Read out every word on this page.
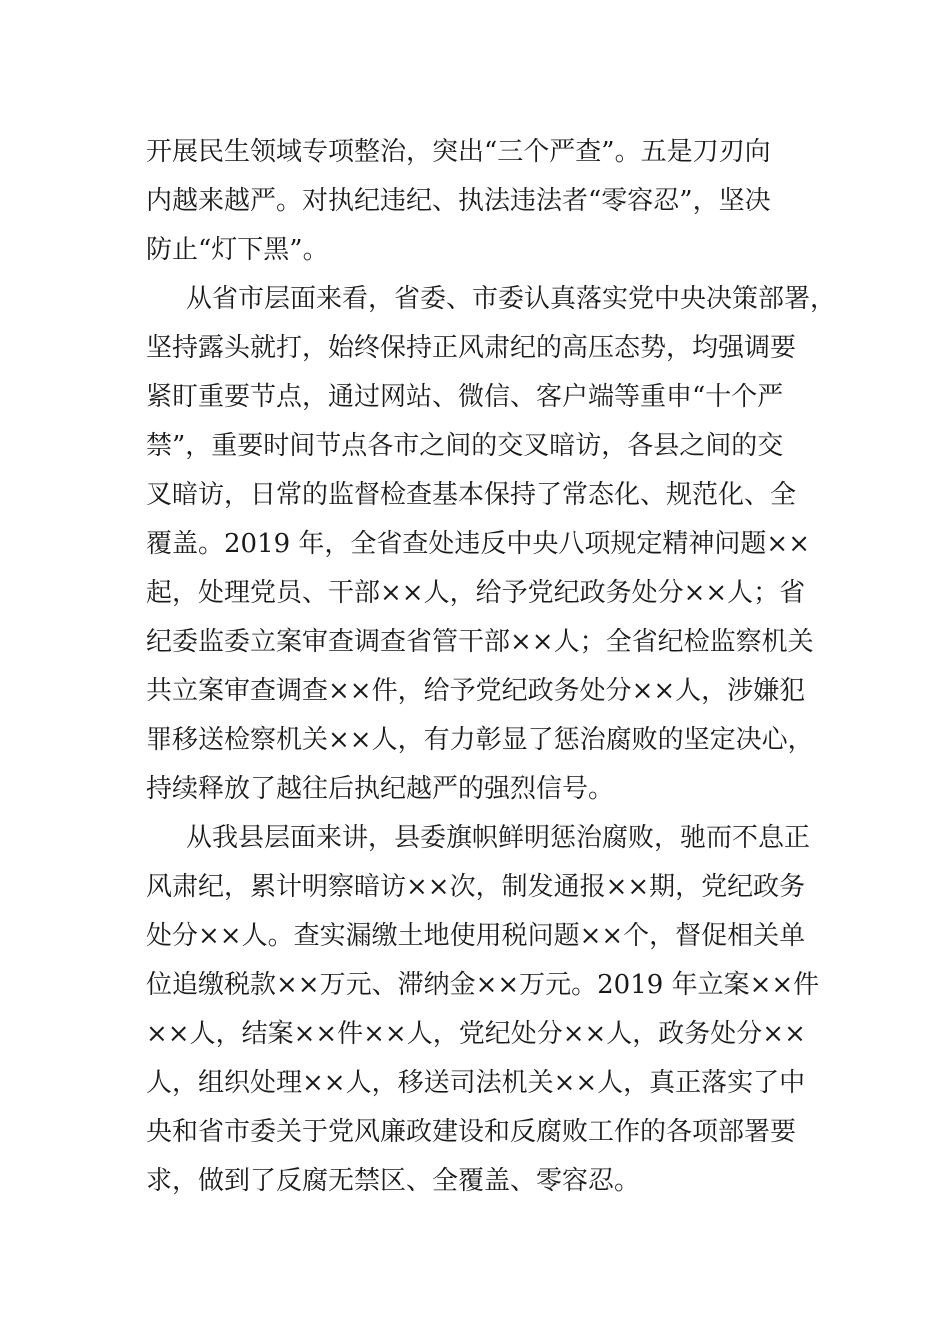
开展民生领域专项整治，突出“三个严查”。五是刀刃向
内越来越严。对执纪违纪、执法违法者“零容忍”，坚决
防止“灯下黑”。
从省市层面来看，省委、市委认真落实党中央决策部署，
坚持露头就打，始终保持正风肃纪的高压态势，均强调要
紧盯重要节点，通过网站、微信、客户端等重申“十个严
禁”，重要时间节点各市之间的交叉暗访，各县之间的交
叉暗访，日常的监督检查基本保持了常态化、规范化、全
覆盖。2019 年，全省查处违反中央八项规定精神问题××
起，处理党员、干部××人，给予党纪政务处分××人；省
纪委监委立案审查调查省管干部××人；全省纪检监察机关
共立案审查调查××件，给予党纪政务处分××人，涉嫌犯
罪移送检察机关××人，有力彰显了惩治腐败的坚定决心，
持续释放了越往后执纪越严的强烈信号。
从我县层面来讲，县委旗帜鲜明惩治腐败，驰而不息正
风肃纪，累计明察暗访××次，制发通报××期，党纪政务
处分××人。查实漏缴土地使用税问题××个，督促相关单
位追缴税款××万元、滞纳金××万元。2019 年立案××件
××人，结案××件××人，党纪处分××人，政务处分××
人，组织处理××人，移送司法机关××人，真正落实了中
央和省市委关于党风廉政建设和反腐败工作的各项部署要
求，做到了反腐无禁区、全覆盖、零容忍。
